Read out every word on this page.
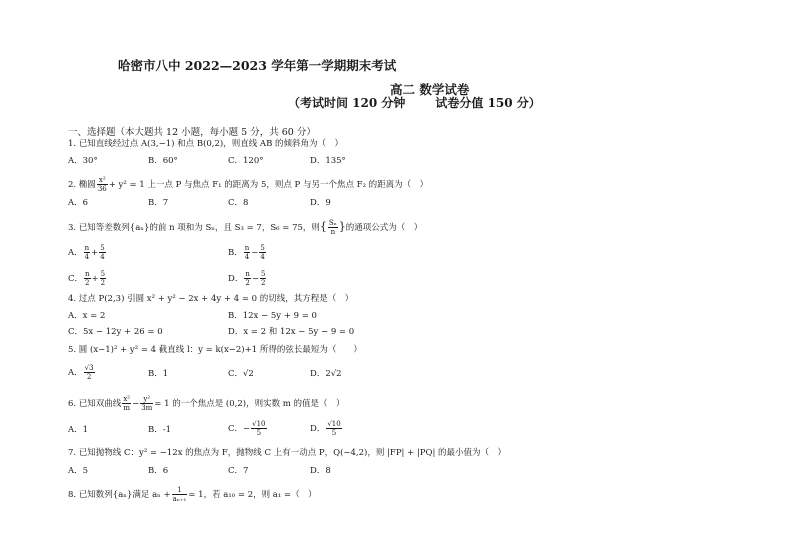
哈密市八中 2022—2023 学年第一学期期末考试
高二 数学试卷
（考试时间 120 分钟	试卷分值 150 分）
一、选择题（本大题共 12 小题，每小题 5 分，共 60 分）
1. 已知直线经过点 A(3,−1) 和点 B(0,2)，则直线 AB 的倾斜角为（　）
A．30°	B．60°	C．120°	D．135°
2. 椭圆 $\frac{\text{x²}}{36} + y^2 = 1$ 上一点 P 与焦点 F₁ 的距离为 5，则点 P 与另一个焦点 F₂ 的距离为（　）
A．6	B．7	C．8	D．9
3. 已知等差数列{aₙ}的前 n 项和为 Sₙ，且 S₃ = 7，S₆ = 75，则{ $\frac{\text{Sₙ}}{n}$ }的通项公式为（　）
A． $\frac{n}{4} + \frac{5}{4}$	B． $\frac{n}{4} - \frac{5}{4}$
C． $\frac{n}{2} + \frac{5}{2}$	D． $\frac{n}{2} - \frac{5}{2}$
4. 过点 P(2,3) 引圆 x² + y² − 2x + 4y + 4 = 0 的切线，其方程是（　）
A．x = 2	B．12x − 5y + 9 = 0
C．5x − 12y + 26 = 0	D．x = 2 和 12x − 5y − 9 = 0
5. 圆 (x−1)² + y² = 4 截直线 l：y = k(x−2)+1 所得的弦长最短为（　　）
A． $\frac{√3}{2}$	B．1	C．√2	D．2√2
6. 已知双曲线 $\frac{\text{x²}}{m} - \frac{\text{y²}}{3m} = 1$ 的一个焦点是 (0,2)，则实数 m 的值是（　）
A．1	B．-1	C．− $\frac{√10}{5}$	D． $\frac{√10}{5}$
7. 已知抛物线 C：y² = −12x 的焦点为 F，抛物线 C 上有一动点 P，Q(−4,2)，则 |FP| + |PQ| 的最小值为（　）
A．5	B．6	C．7	D．8
8. 已知数列{aₙ}满足 $a_n + \frac{1}{\text{aₙ₊₁}} = 1$，若 a₁₀ = 2，则 a₁ =（　）
